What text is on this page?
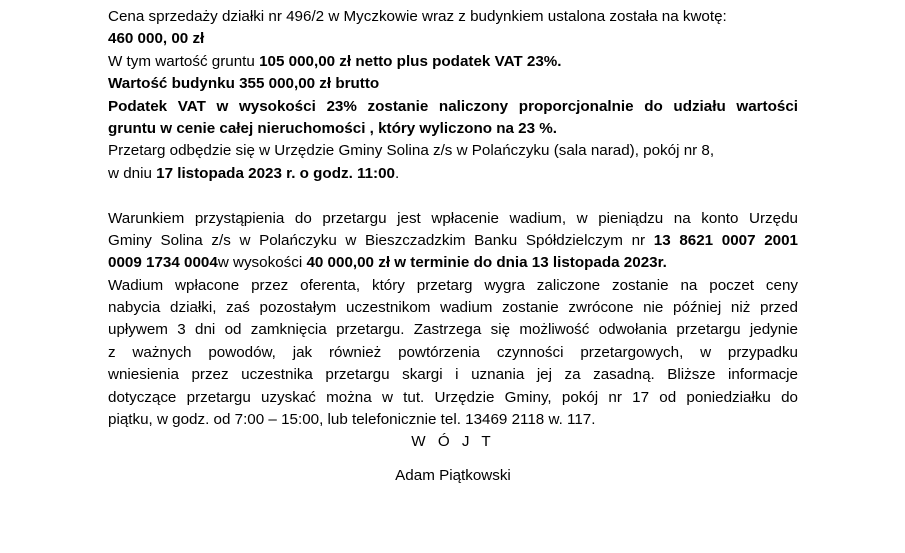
Cena sprzedaży działki nr 496/2 w Myczkowie wraz z budynkiem ustalona została na kwotę:
460 000, 00 zł
W tym wartość gruntu 105 000,00 zł netto plus podatek VAT 23%.
Wartość budynku 355 000,00 zł brutto
Podatek VAT w wysokości 23% zostanie naliczony proporcjonalnie do udziału wartości
gruntu w cenie całej nieruchomości , który wyliczono na 23 %.
Przetarg odbędzie się w Urzędzie Gminy Solina z/s w Polańczyku (sala narad), pokój nr 8,
w dniu 17 listopada 2023 r. o godz. 11:00.
Warunkiem przystąpienia do przetargu jest wpłacenie wadium, w pieniądzu na konto Urzędu
Gminy Solina z/s w Polańczyku w Bieszczadzkim Banku Spółdzielczym nr 13 8621 0007 2001
0009 1734 0004w wysokości 40 000,00 zł w terminie do dnia 13 listopada 2023r.
Wadium wpłacone przez oferenta, który przetarg wygra zaliczone zostanie na poczet ceny
nabycia działki, zaś pozostałym uczestnikom wadium zostanie zwrócone nie później niż przed
upływem 3 dni od zamknięcia przetargu. Zastrzega się możliwość odwołania przetargu jedynie
z ważnych powodów, jak również powtórzenia czynności przetargowych, w przypadku
wniesienia przez uczestnika przetargu skargi i uznania jej za zasadną. Bliższe informacje
dotyczące przetargu uzyskać można w tut. Urzędzie Gminy, pokój nr 17 od poniedziałku do
piątku, w godz. od 7:00 – 15:00, lub telefonicznie tel. 13469 2118 w. 117.
W Ó J T
Adam Piątkowski
